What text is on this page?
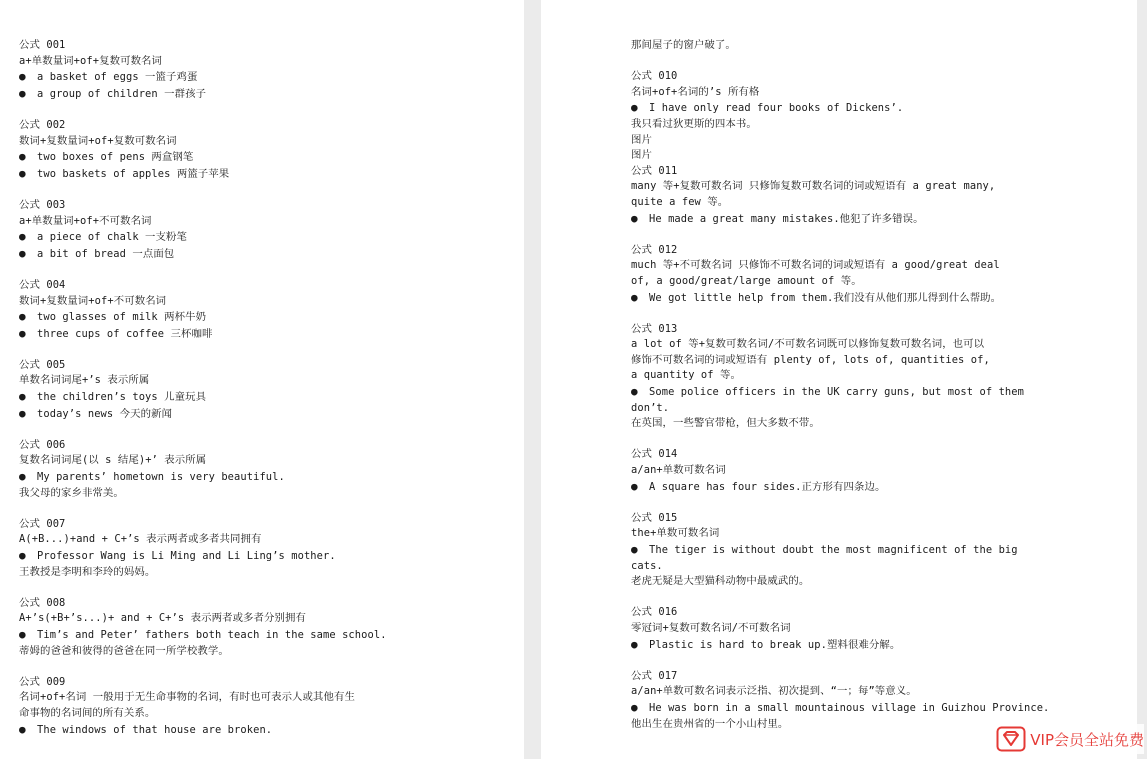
公式 001
a+单数量词+of+复数可数名词
● a basket of eggs 一篮子鸡蛋
● a group of children 一群孩子
公式 002
数词+复数量词+of+复数可数名词
● two boxes of pens 两盒钢笔
● two baskets of apples 两篮子苹果
公式 003
a+单数量词+of+不可数名词
● a piece of chalk 一支粉笔
● a bit of bread 一点面包
公式 004
数词+复数量词+of+不可数名词
● two glasses of milk 两杯牛奶
● three cups of coffee 三杯咖啡
公式 005
单数名词词尾+’s 表示所属
● the children’s toys 儿童玩具
● today’s news 今天的新闻
公式 006
复数名词词尾(以 s 结尾)+’ 表示所属
● My parents’ hometown is very beautiful.
我父母的家乡非常美。
公式 007
A(+B...)+and + C+’s 表示两者或多者共同拥有
● Professor Wang is Li Ming and Li Ling’s mother.
王教授是李明和李玲的妈妈。
公式 008
A+’s(+B+’s...)+ and + C+’s 表示两者或多者分别拥有
● Tim’s and Peter’ fathers both teach in the same school.
蒂姆的爸爸和彼得的爸爸在同一所学校教学。
公式 009
名词+of+名词 一般用于无生命事物的名词，有时也可表示人或其他有生
命事物的名词间的所有关系。
● The windows of that house are broken.
那间屋子的窗户破了。
公式 010
名词+of+名词的’s 所有格
● I have only read four books of Dickens’.
我只看过狄更斯的四本书。
图片
图片
公式 011
many 等+复数可数名词 只修饰复数可数名词的词或短语有 a great many,
quite a few 等。
● He made a great many mistakes.他犯了许多错误。
公式 012
much 等+不可数名词 只修饰不可数名词的词或短语有 a good/great deal
of, a good/great/large amount of 等。
● We got little help from them.我们没有从他们那儿得到什么帮助。
公式 013
a lot of 等+复数可数名词/不可数名词既可以修饰复数可数名词，也可以
修饰不可数名词的词或短语有 plenty of, lots of, quantities of,
a quantity of 等。
● Some police officers in the UK carry guns, but most of them don’t.
在英国，一些警官带枪，但大多数不带。
公式 014
a/an+单数可数名词
● A square has four sides.正方形有四条边。
公式 015
the+单数可数名词
● The tiger is without doubt the most magnificent of the big cats.
老虎无疑是大型猫科动物中最威武的。
公式 016
零冠词+复数可数名词/不可数名词
● Plastic is hard to break up.塑料很难分解。
公式 017
a/an+单数可数名词表示泛指、初次提到、“一；每”等意义。
● He was born in a small mountainous village in Guizhou Province.
他出生在贵州省的一个小山村里。
VIP会员全站免费
